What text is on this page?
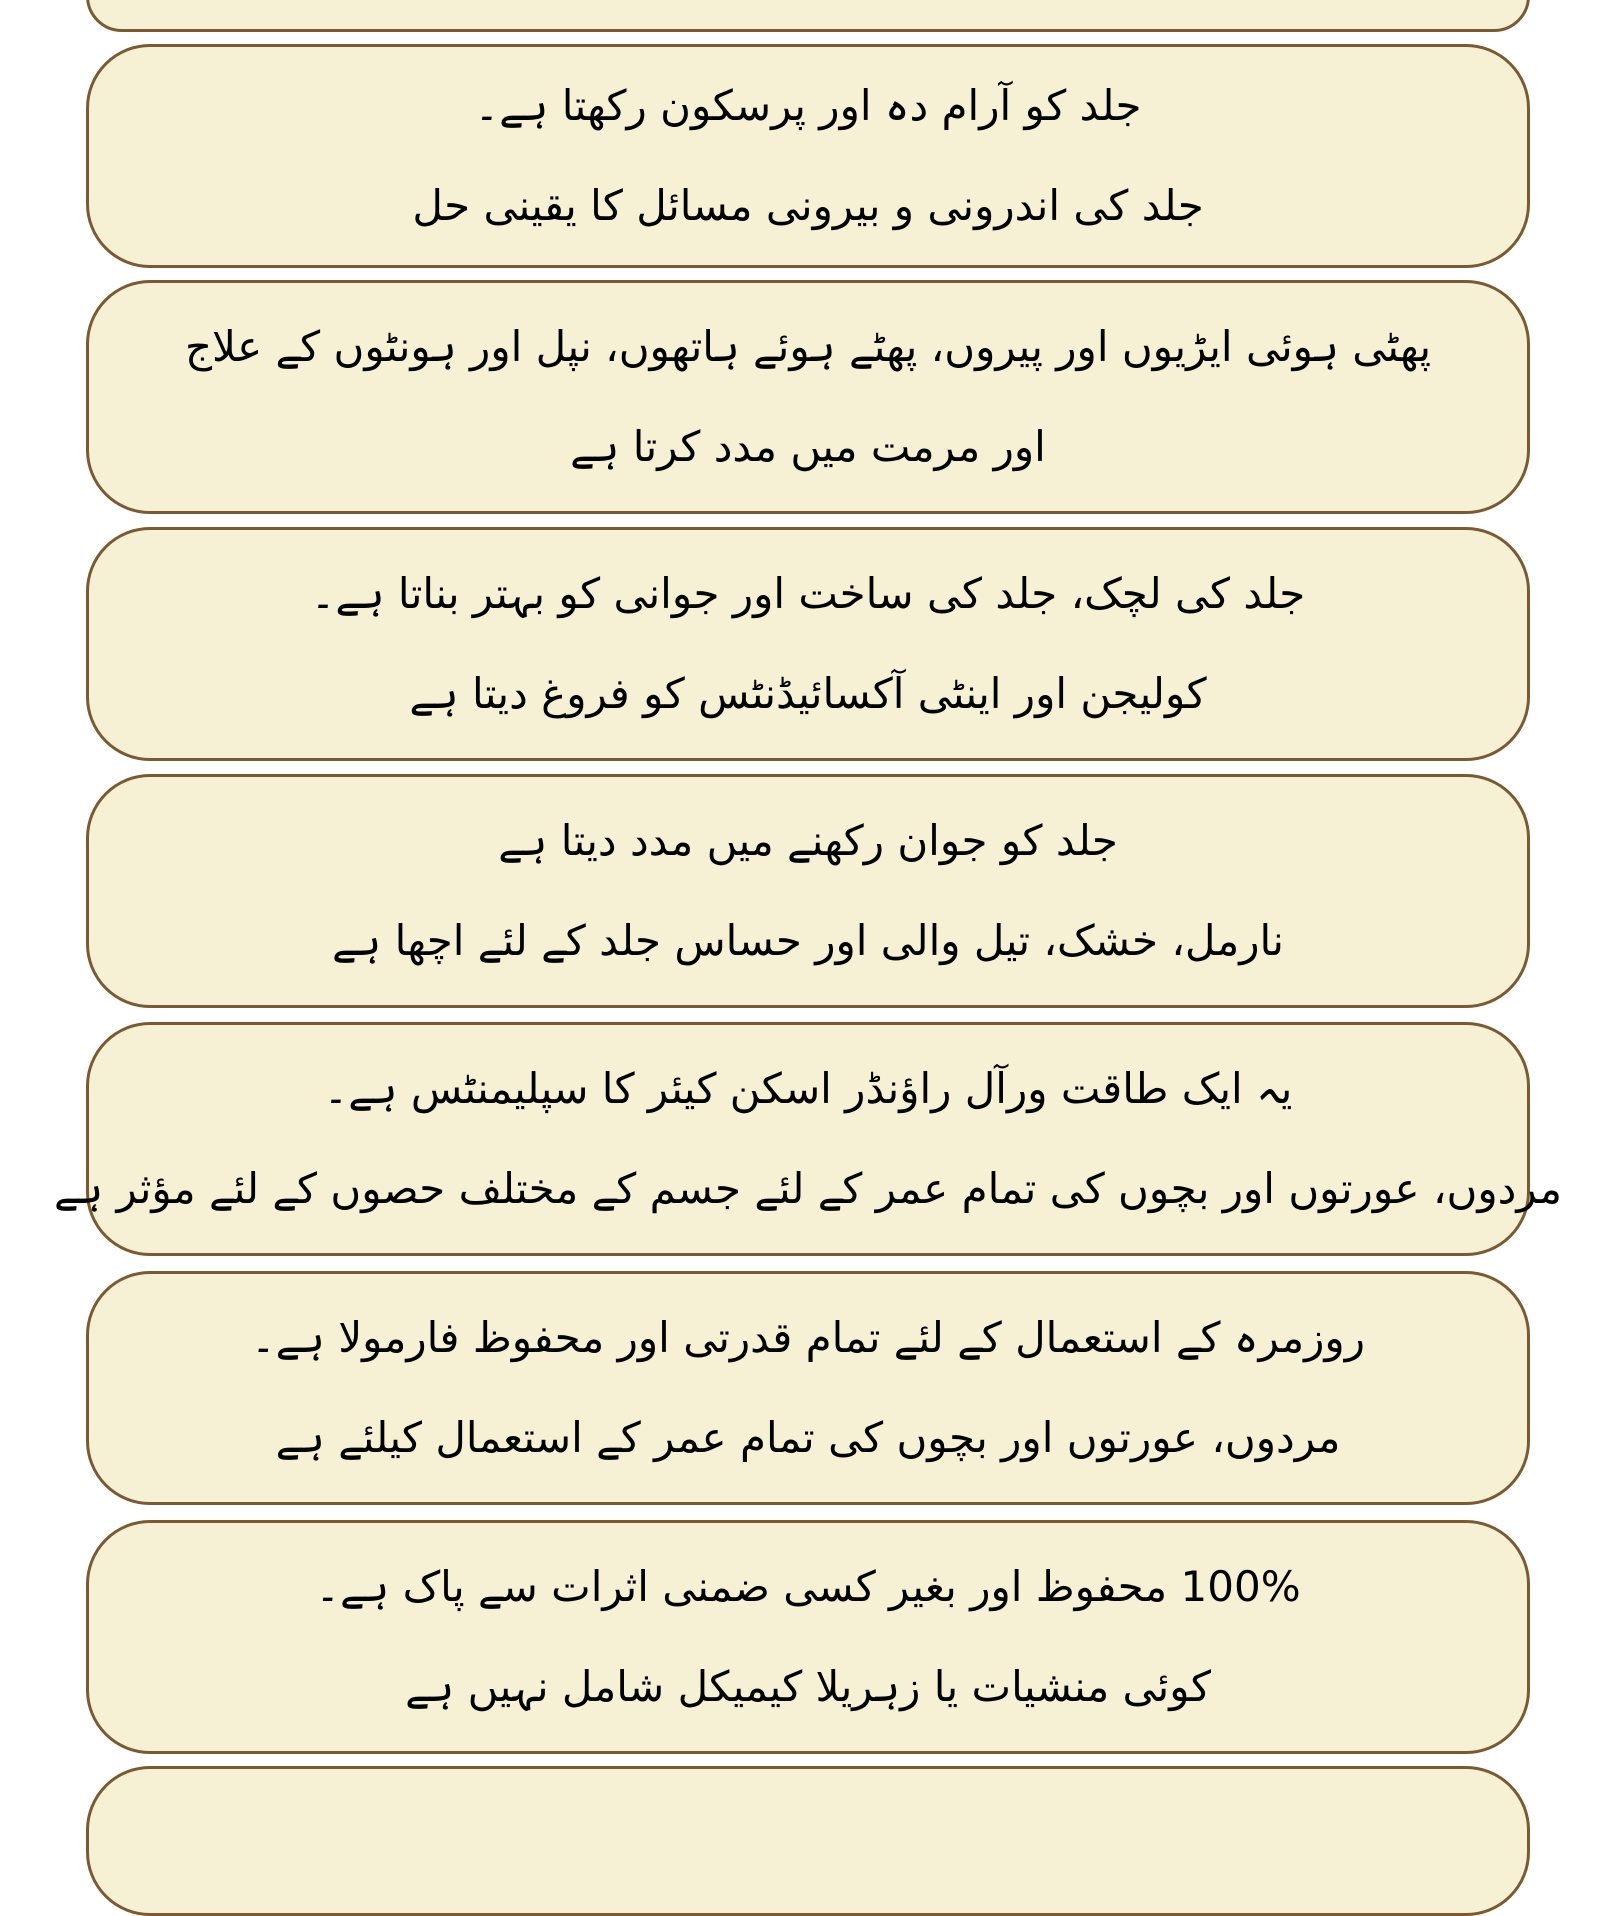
جلد کو آرام دہ اور پرسکون رکھتا ہے۔
جلد کی اندرونی و بیرونی مسائل کا یقینی حل
پھٹی ہوئی ایڑیوں اور پیروں، پھٹے ہوئے ہاتھوں، نپل اور ہونٹوں کے علاج اور مرمت میں مدد کرتا ہے
جلد کی لچک، جلد کی ساخت اور جوانی کو بہتر بناتا ہے۔
کولیجن اور اینٹی آکسائیڈنٹس کو فروغ دیتا ہے
جلد کو جوان رکھنے میں مدد دیتا ہے
نارمل، خشک، تیل والی اور حساس جلد کے لئے اچھا ہے
یہ ایک طاقت ورآل راؤنڈر اسکن کیئر کا سپلیمنٹس ہے۔
مردوں، عورتوں اور بچوں کی تمام عمر کے لئے جسم کے مختلف حصوں کے لئے مؤثر ہے
روزمرہ کے استعمال کے لئے تمام قدرتی اور محفوظ فارمولا ہے۔
مردوں، عورتوں اور بچوں کی تمام عمر کے استعمال کیلئے ہے
100% محفوظ اور بغیر کسی ضمنی اثرات سے پاک ہے۔
کوئی منشیات یا زہریلا کیمیکل شامل نہیں ہے
